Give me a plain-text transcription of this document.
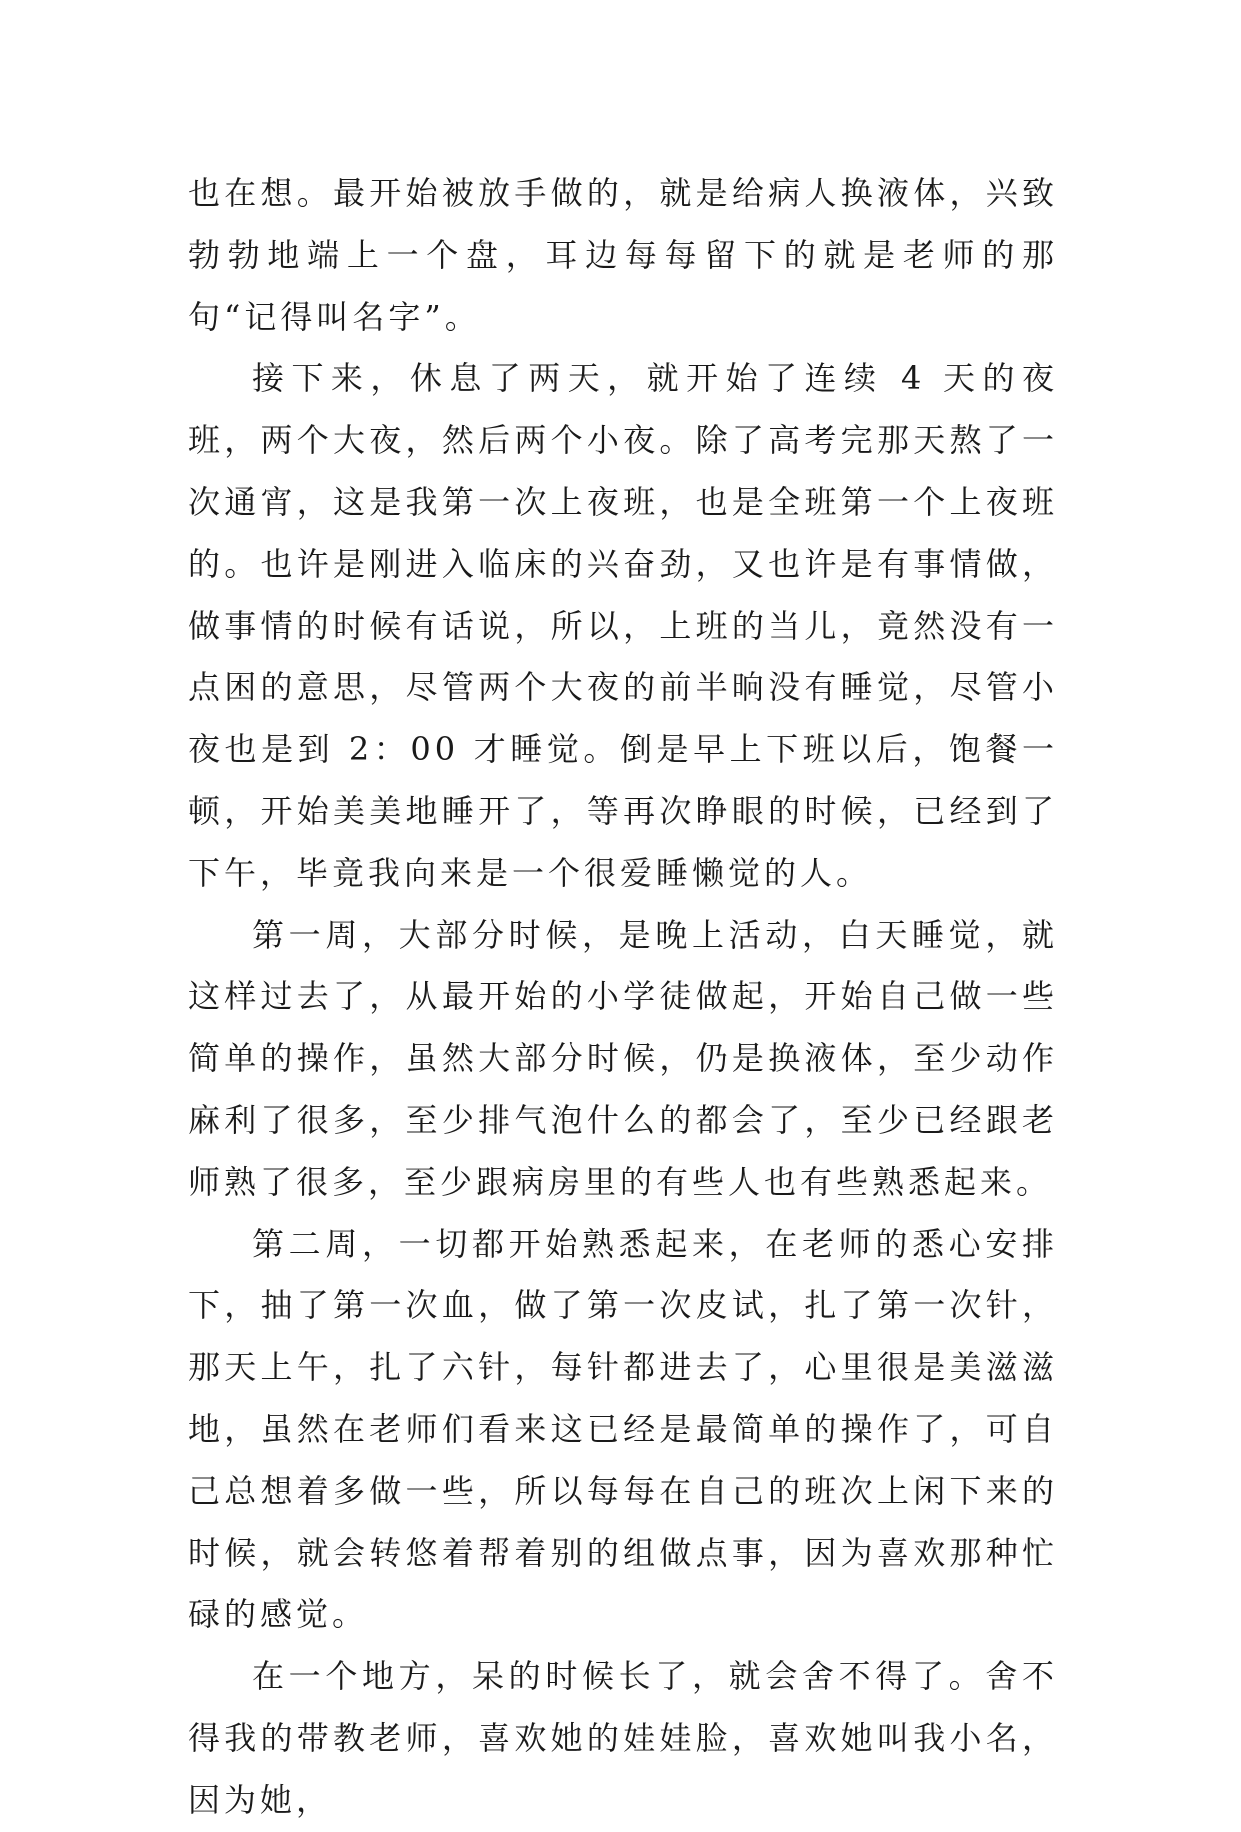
也在想。最开始被放手做的，就是给病人换液体，兴致勃勃地端上一个盘，耳边每每留下的就是老师的那句“记得叫名字”。

接下来，休息了两天，就开始了连续 4 天的夜班，两个大夜，然后两个小夜。除了高考完那天熬了一次通宵，这是我第一次上夜班，也是全班第一个上夜班的。也许是刚进入临床的兴奋劲，又也许是有事情做，做事情的时候有话说，所以，上班的当儿，竟然没有一点困的意思，尽管两个大夜的前半晌没有睡觉，尽管小夜也是到 2：00 才睡觉。倒是早上下班以后，饱餐一顿，开始美美地睡开了，等再次睁眼的时候，已经到了下午，毕竟我向来是一个很爱睡懒觉的人。

第一周，大部分时候，是晚上活动，白天睡觉，就这样过去了，从最开始的小学徒做起，开始自己做一些简单的操作，虽然大部分时候，仍是换液体，至少动作麻利了很多，至少排气泡什么的都会了，至少已经跟老师熟了很多，至少跟病房里的有些人也有些熟悉起来。

第二周，一切都开始熟悉起来，在老师的悉心安排下，抽了第一次血，做了第一次皮试，扎了第一次针，那天上午，扎了六针，每针都进去了，心里很是美滋滋地，虽然在老师们看来这已经是最简单的操作了，可自己总想着多做一些，所以每每在自己的班次上闲下来的时候，就会转悠着帮着别的组做点事，因为喜欢那种忙碌的感觉。

在一个地方，呆的时候长了，就会舍不得了。舍不得我的带教老师，喜欢她的娃娃脸，喜欢她叫我小名，因为她，
